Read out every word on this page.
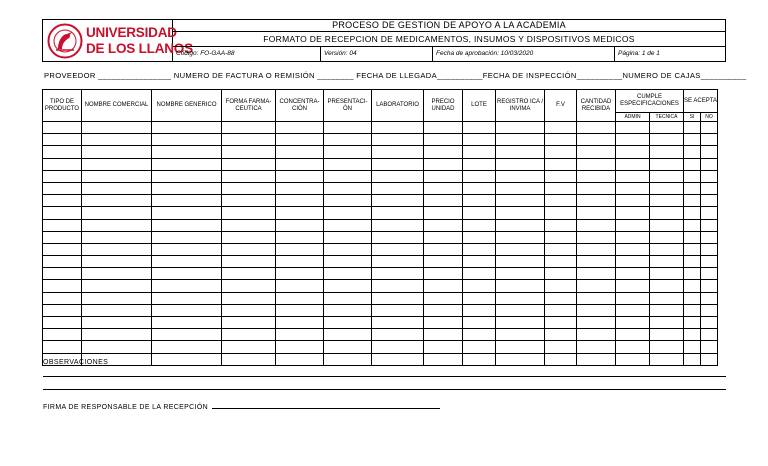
UNIVERSIDAD
DE LOS LLANOS
PROCESO DE GESTION DE APOYO A LA ACADEMIA
FORMATO DE RECEPCION DE MEDICAMENTOS, INSUMOS Y DISPOSITIVOS MEDICOS
Código: FO-GAA-88	Versión: 04	Fecha de aprobación: 10/03/2020	Página: 1 de 1
PROVEEDOR ________________ NUMERO DE FACTURA O REMISIÓN ________ FECHA DE LLEGADA__________FECHA DE INSPECCIÓN__________NUMERO DE CAJAS__________
TIPO DE PRODUCTO	NOMBRE COMERCIAL	NOMBRE GENERICO	FORMA FARMA-CEUTICA	CONCENTRA-CIÓN	PRESENTACI-ÓN	LABORATORIO	PRECIO UNIDAD	LOTE	REGISTRO ICA / INVIMA	F.V	CANTIDAD RECIBIDA	CUMPLE ESPECIFICACIONES		SE ACEPTA	
												ADMIN	TECNICA	SI	NO

OBSERVACIONES
FIRMA DE RESPONSABLE DE LA RECEPCIÓN
